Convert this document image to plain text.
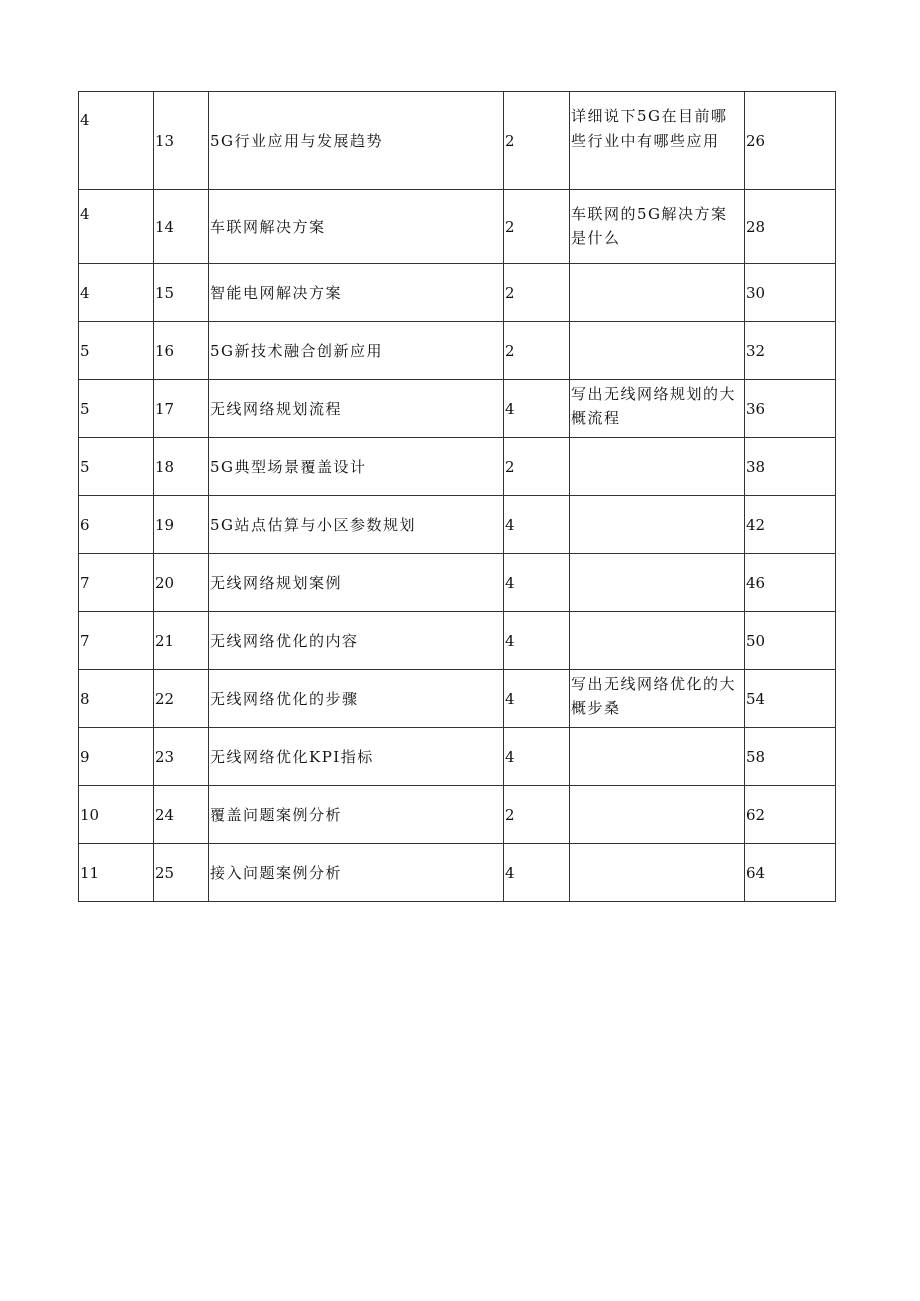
4	13	5G行业应用与发展趋势	2	详细说下5G在目前哪些行业中有哪些应用	26
4	14	车联网解决方案	2	车联网的5G解决方案是什么	28
4	15	智能电网解决方案	2		30
5	16	5G新技术融合创新应用	2		32
5	17	无线网络规划流程	4	写出无线网络规划的大概流程	36
5	18	5G典型场景覆盖设计	2		38
6	19	5G站点估算与小区参数规划	4		42
7	20	无线网络规划案例	4		46
7	21	无线网络优化的内容	4		50
8	22	无线网络优化的步骤	4	写出无线网络优化的大概步桑	54
9	23	无线网络优化KPI指标	4		58
10	24	覆盖问题案例分析	2		62
11	25	接入问题案例分析	4		64
